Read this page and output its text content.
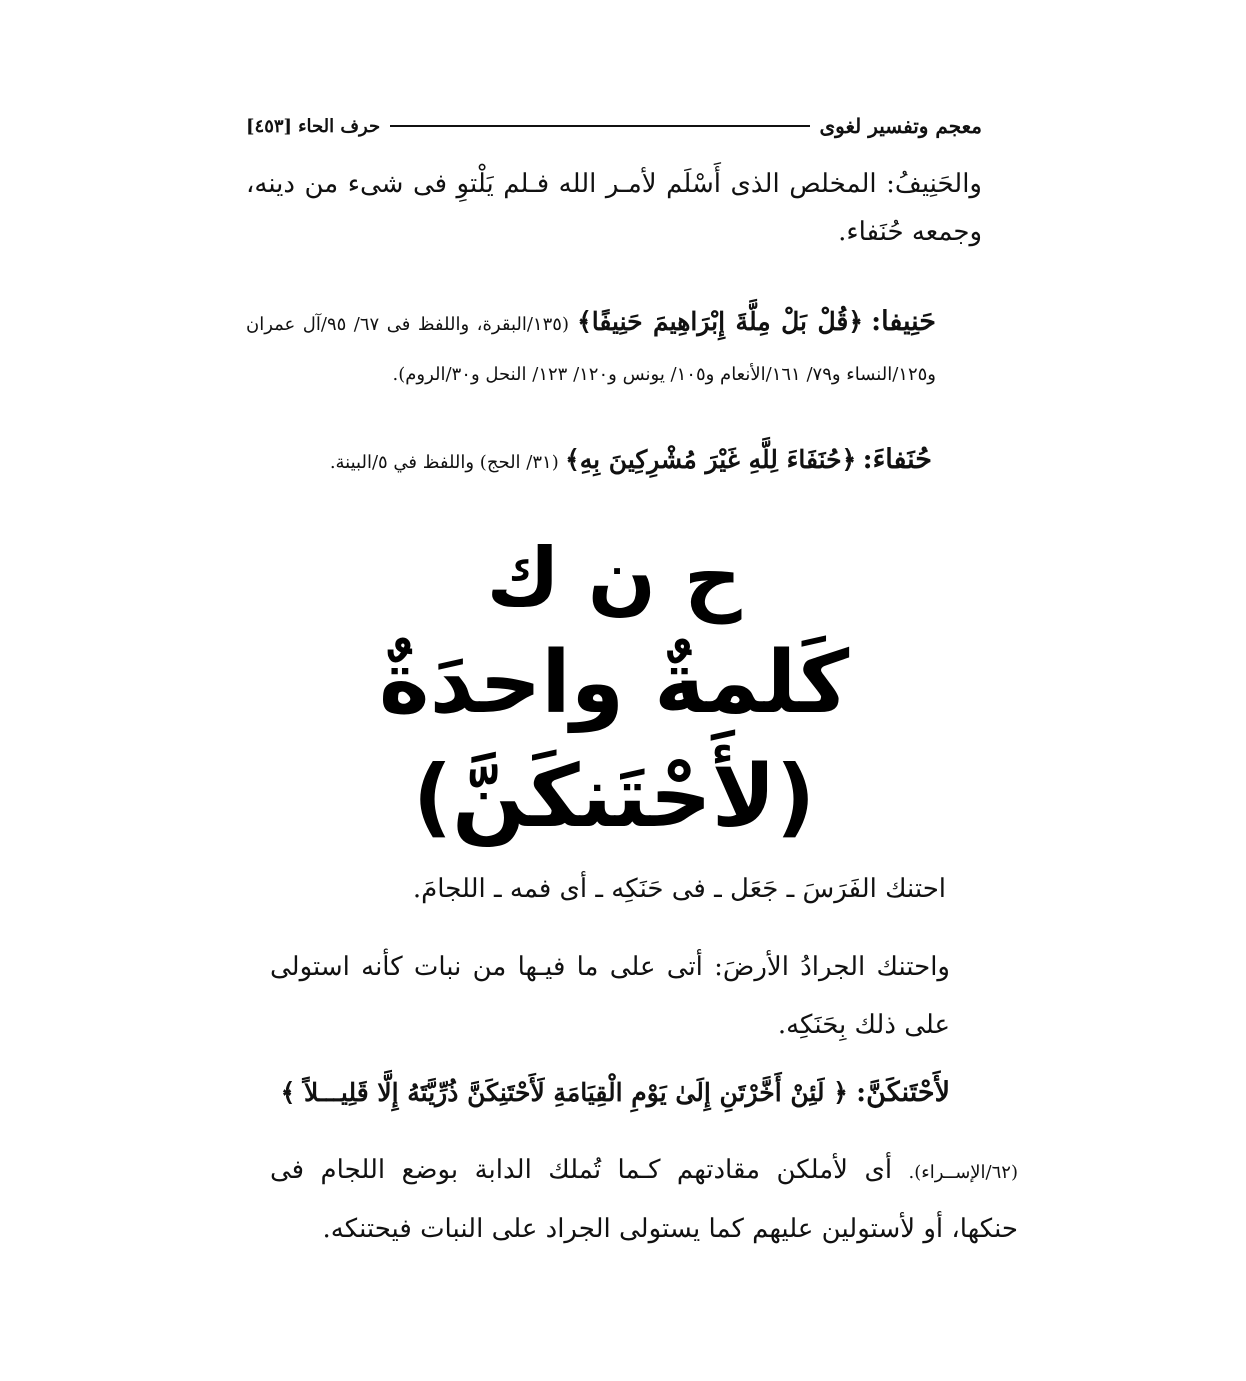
معجم وتفسير لغوى
حرف الحاء
[٤٥٣]
والحَنِيفُ: المخلص الذى أَسْلَم لأمـر الله فـلم يَلْتوِ فى شىء من دينه، وجمعه حُنَفاء.
حَنِيفا: ﴿قُلْ بَلْ مِلَّةَ إِبْرَاهِيمَ حَنِيفًا﴾ (١٣٥/البقرة، واللفظ فى ٦٧/ ٩٥/آل عمران و١٢٥/النساء و٧٩/ ١٦١/الأنعام و١٠٥/ يونس و١٢٠/ ١٢٣/ النحل و٣٠/الروم).
حُنَفاءَ: ﴿حُنَفَاءَ لِلَّهِ غَيْرَ مُشْرِكِينَ بِهِ﴾ (٣١/ الحج) واللفظ في ٥/البينة.
ح ن ك
كَلمةٌ واحدَةٌ
(لأَحْتَنكَنَّ)
احتنك الفَرَسَ ـ جَعَل ـ فى حَنَكِه ـ أى فمه ـ اللجامَ.
واحتنك الجرادُ الأرضَ: أتى على ما فيـها من نبات كأنه استولى على ذلك بِحَنَكِه.
لأَحْتَنكَنَّ: ﴿ لَئِنْ أَخَّرْتَنِ إِلَىٰ يَوْمِ الْقِيَامَةِ لَأَحْتَنِكَنَّ ذُرِّيَّتَهُ إِلَّا قَلِيـــلاً ﴾
(٦٢/الإســراء). أى لأملكن مقادتهم كـما تُملك الدابة بوضع اللجام فى حنكها، أو لأستولين عليهم كما يستولى الجراد على النبات فيحتنكه.
